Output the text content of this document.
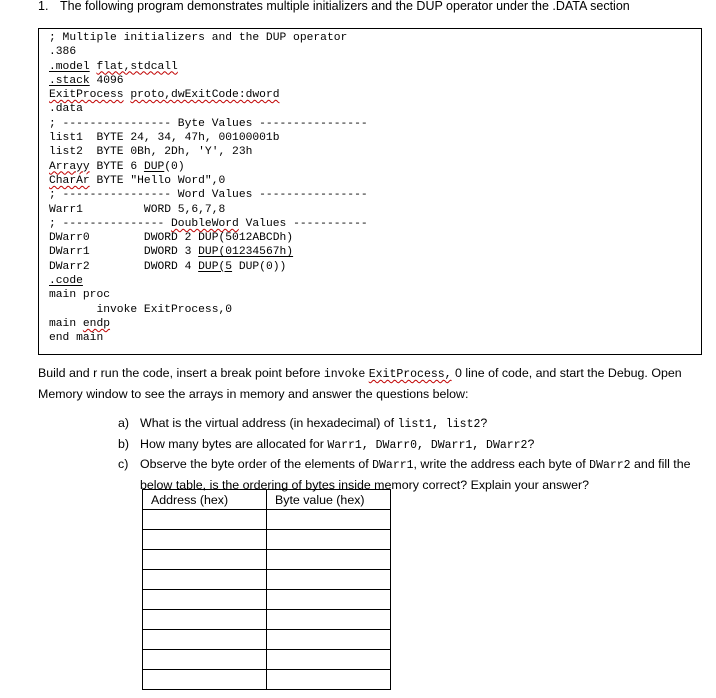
1. The following program demonstrates multiple initializers and the DUP operator under the .DATA section
; Multiple initializers and the DUP operator
.386
.model flat,stdcall
.stack 4096
ExitProcess proto,dwExitCode:dword
.data
; ---------------- Byte Values ----------------
list1  BYTE 24, 34, 47h, 00100001b
list2  BYTE 0Bh, 2Dh, 'Y', 23h
Arrayy BYTE 6 DUP(0)
CharAr BYTE "Hello Word",0
; ---------------- Word Values ----------------
Warr1         WORD 5,6,7,8
; --------------- DoubleWord Values -----------
DWarr0        DWORD 2 DUP(5012ABCDh)
DWarr1        DWORD 3 DUP(01234567h)
DWarr2        DWORD 4 DUP(5 DUP(0))
.code
main proc
invoke ExitProcess,0
main endp
end main
Build and r run the code, insert a break point before invoke ExitProcess, 0 line of code, and start the Debug. Open Memory window to see the arrays in memory and answer the questions below:
a) What is the virtual address (in hexadecimal) of list1, list2?
b) How many bytes are allocated for Warr1, DWarr0, DWarr1, DWarr2?
c) Observe the byte order of the elements of DWarr1, write the address each byte of DWarr2 and fill the below table, is the ordering of bytes inside memory correct? Explain your answer?
Address (hex)	Byte value (hex)
